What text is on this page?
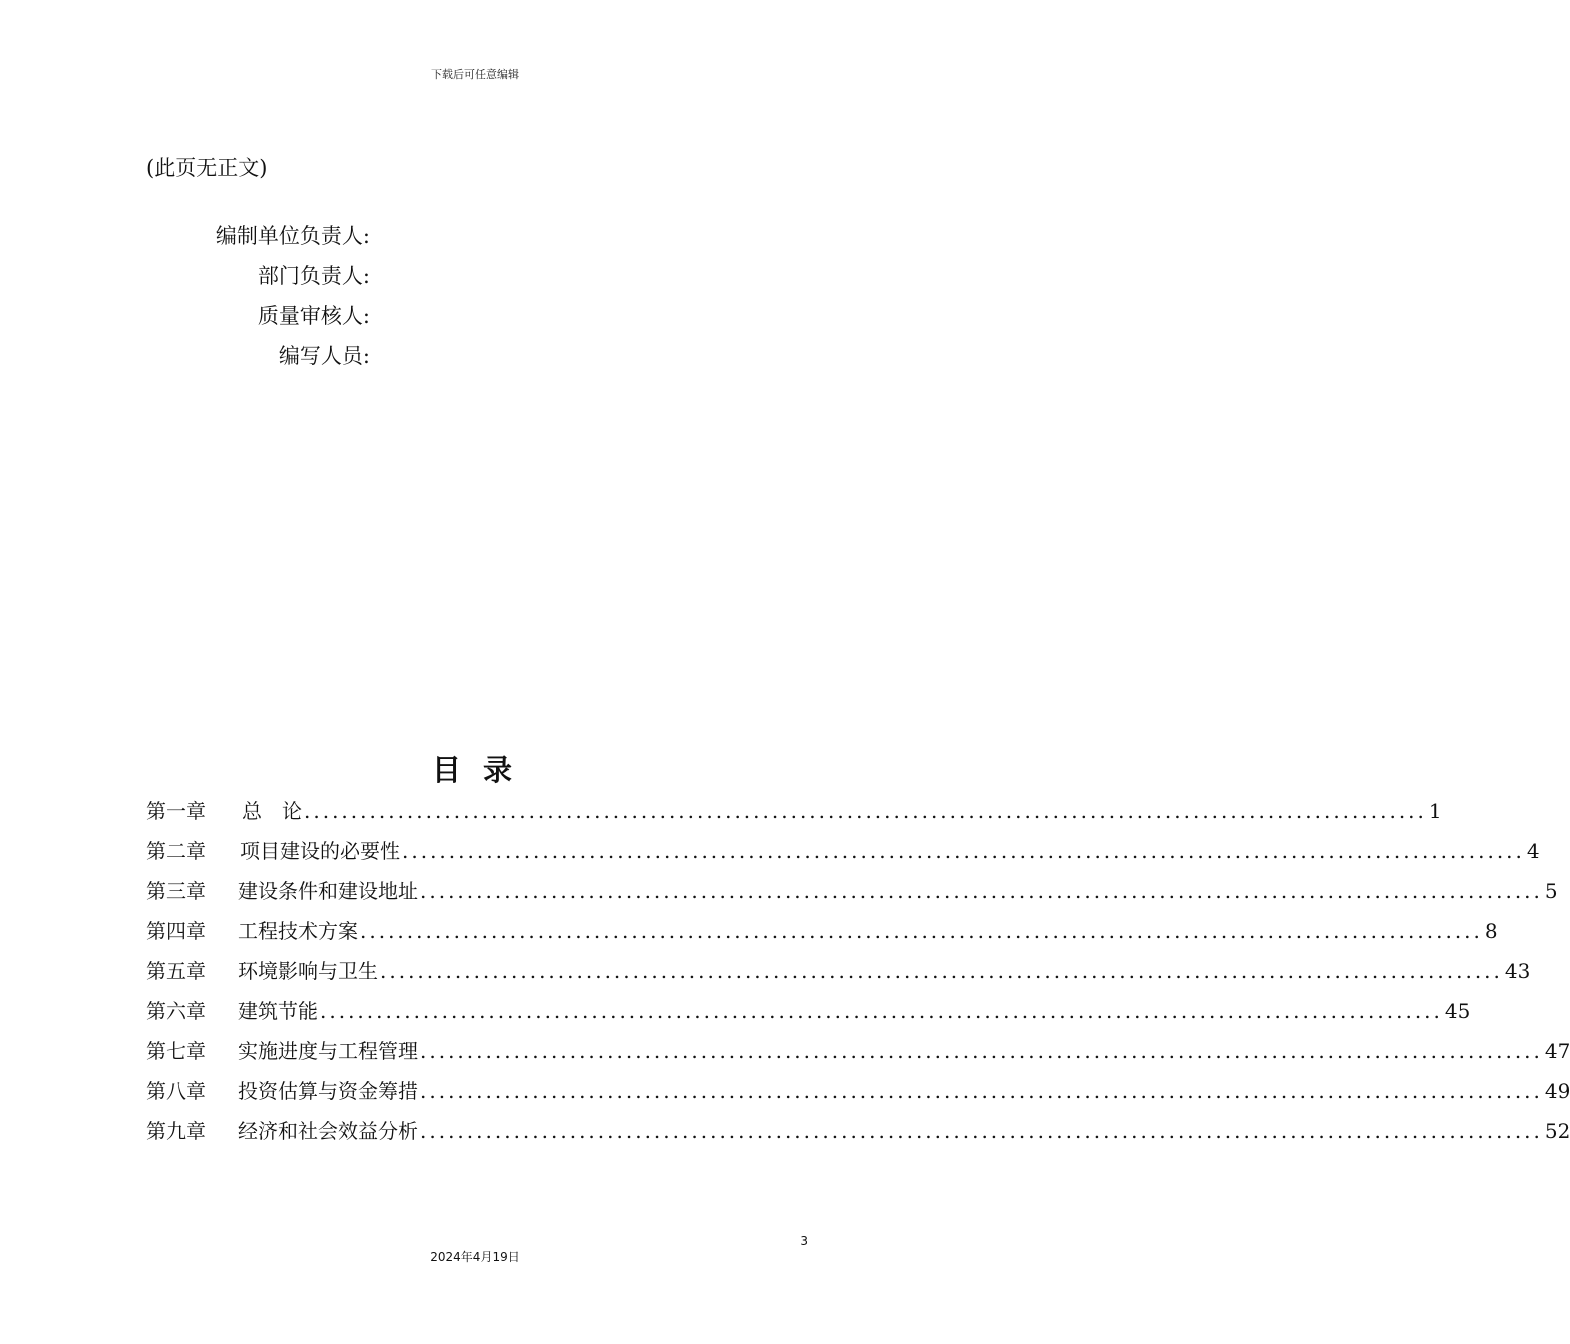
下载后可任意编辑
(此页无正文)
编制单位负责人:
部门负责人:
质量审核人:
编写人员:
目 录
第一章	总　论 ........................................................................................................................ 1
第二章	项目建设的必要性 ........................................................................................................................ 4
第三章	建设条件和建设地址 ........................................................................................................................ 5
第四章	工程技术方案 ........................................................................................................................ 8
第五章	环境影响与卫生 ........................................................................................................................ 43
第六章	建筑节能 ........................................................................................................................ 45
第七章	实施进度与工程管理 ........................................................................................................................ 47
第八章	投资估算与资金筹措 ........................................................................................................................ 49
第九章	经济和社会效益分析 ........................................................................................................................ 52
3
2024年4月19日
